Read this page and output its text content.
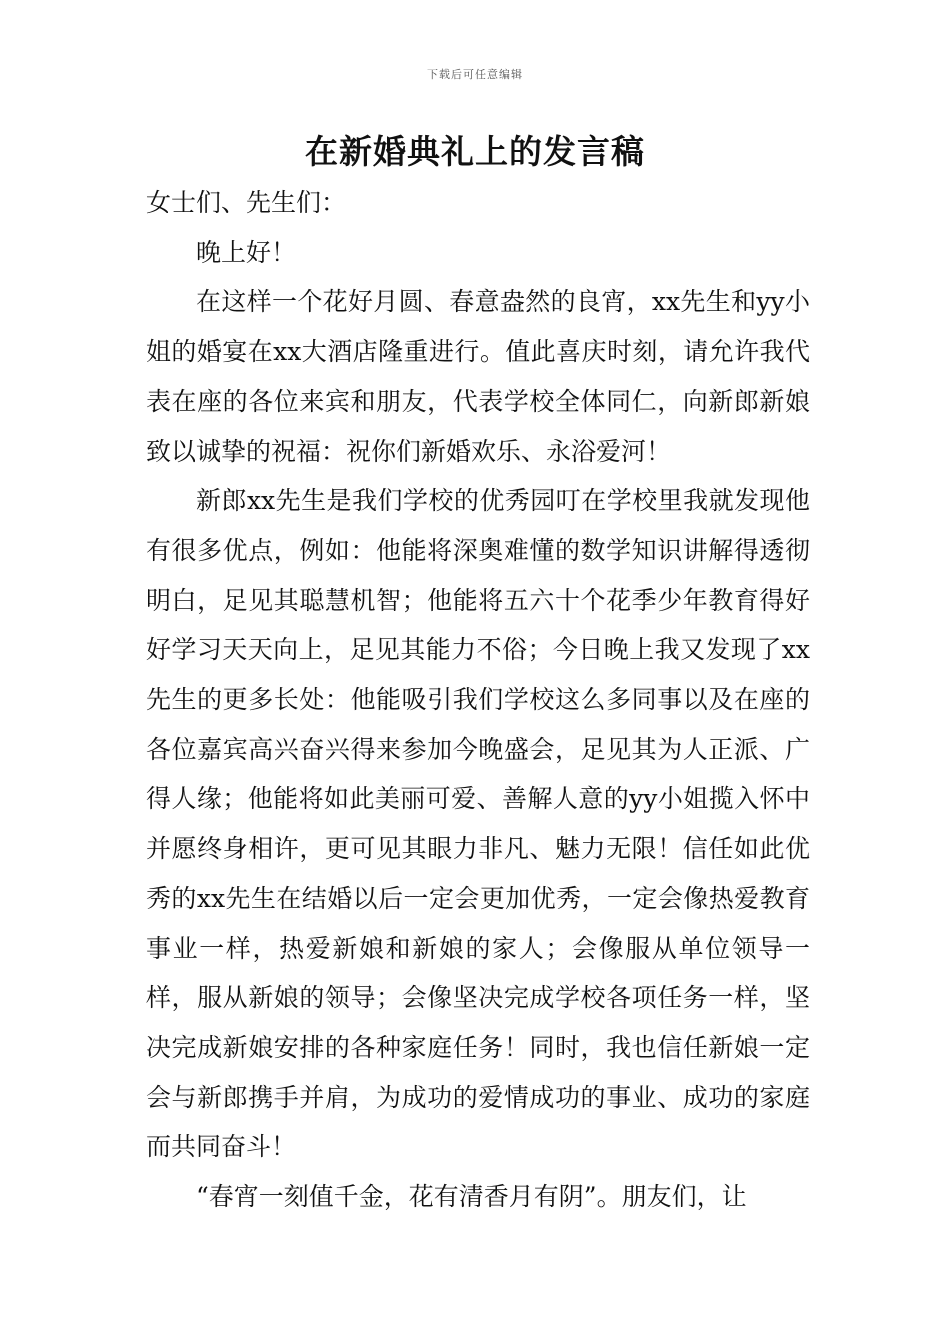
下载后可任意编辑
在新婚典礼上的发言稿

女士们、先生们：

晚上好！

在这样一个花好月圆、春意盎然的良宵，xx先生和yy小姐的婚宴在xx大酒店隆重进行。值此喜庆时刻，请允许我代表在座的各位来宾和朋友，代表学校全体同仁，向新郎新娘致以诚挚的祝福：祝你们新婚欢乐、永浴爱河！

新郎xx先生是我们学校的优秀园叮在学校里我就发现他有很多优点，例如：他能将深奥难懂的数学知识讲解得透彻明白，足见其聪慧机智；他能将五六十个花季少年教育得好好学习天天向上，足见其能力不俗；今日晚上我又发现了xx先生的更多长处：他能吸引我们学校这么多同事以及在座的各位嘉宾高兴奋兴得来参加今晚盛会，足见其为人正派、广得人缘；他能将如此美丽可爱、善解人意的yy小姐揽入怀中并愿终身相许，更可见其眼力非凡、魅力无限！信任如此优秀的xx先生在结婚以后一定会更加优秀，一定会像热爱教育事业一样，热爱新娘和新娘的家人；会像服从单位领导一样，服从新娘的领导；会像坚决完成学校各项任务一样，坚决完成新娘安排的各种家庭任务！同时，我也信任新娘一定会与新郎携手并肩，为成功的爱情成功的事业、成功的家庭而共同奋斗！

“春宵一刻值千金，花有清香月有阴”。朋友们，让
